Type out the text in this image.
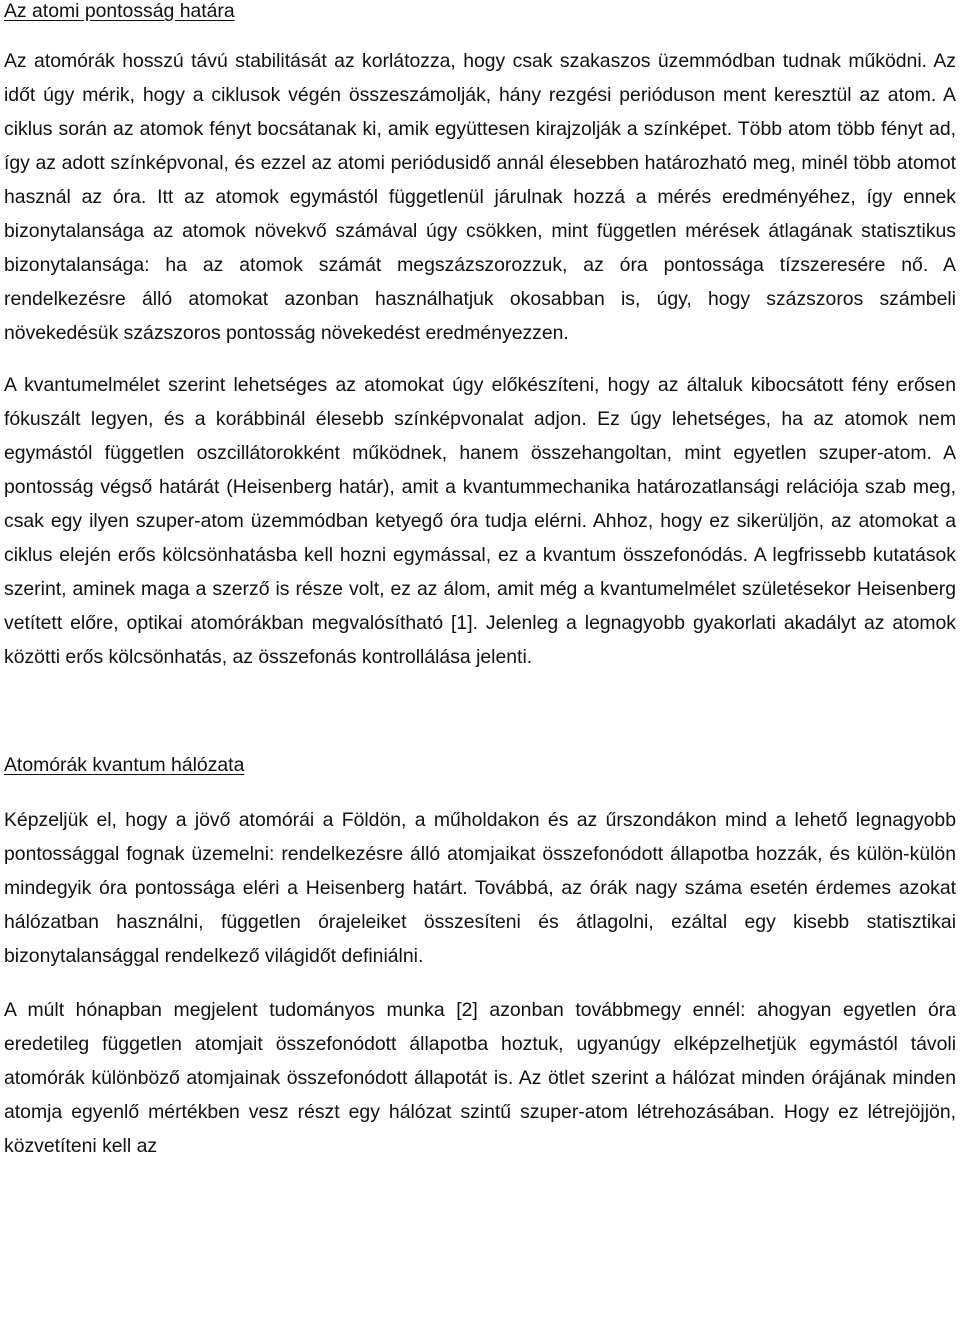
Az atomi pontosság határa

Az atomórák hosszú távú stabilitását az korlátozza, hogy csak szakaszos üzemmódban tudnak működni. Az időt úgy mérik, hogy a ciklusok végén összeszámolják, hány rezgési perióduson ment keresztül az atom. A ciklus során az atomok fényt bocsátanak ki, amik együttesen kirajzolják a színképet. Több atom több fényt ad, így az adott színképvonal, és ezzel az atomi periódusidő annál élesebben határozható meg, minél több atomot használ az óra. Itt az atomok egymástól függetlenül járulnak hozzá a mérés eredményéhez, így ennek bizonytalansága az atomok növekvő számával úgy csökken, mint független mérések átlagának statisztikus bizonytalansága: ha az atomok számát megszázszorozzuk, az óra pontossága tízszeresére nő. A rendelkezésre álló atomokat azonban használhatjuk okosabban is, úgy, hogy százszoros számbeli növekedésük százszoros pontosság növekedést eredményezzen.

A kvantumelmélet szerint lehetséges az atomokat úgy előkészíteni, hogy az általuk kibocsátott fény erősen fókuszált legyen, és a korábbinál élesebb színképvonalat adjon. Ez úgy lehetséges, ha az atomok nem egymástól független oszcillátorokként működnek, hanem összehangoltan, mint egyetlen szuper-atom. A pontosság végső határát (Heisenberg határ), amit a kvantummechanika határozatlansági relációja szab meg, csak egy ilyen szuper-atom üzemmódban ketyegő óra tudja elérni. Ahhoz, hogy ez sikerüljön, az atomokat a ciklus elején erős kölcsönhatásba kell hozni egymással, ez a kvantum összefonódás. A legfrissebb kutatások szerint, aminek maga a szerző is része volt, ez az álom, amit még a kvantumelmélet születésekor Heisenberg vetített előre, optikai atomórákban megvalósítható [1]. Jelenleg a legnagyobb gyakorlati akadályt az atomok közötti erős kölcsönhatás, az összefonás kontrollálása jelenti.

Atomórák kvantum hálózata

Képzeljük el, hogy a jövő atomórái a Földön, a műholdakon és az űrszondákon mind a lehető legnagyobb pontossággal fognak üzemelni: rendelkezésre álló atomjaikat összefonódott állapotba hozzák, és külön-külön mindegyik óra pontossága eléri a Heisenberg határt. Továbbá, az órák nagy száma esetén érdemes azokat hálózatban használni, független órajeleiket összesíteni és átlagolni, ezáltal egy kisebb statisztikai bizonytalansággal rendelkező világidőt definiálni.

A múlt hónapban megjelent tudományos munka [2] azonban továbbmegy ennél: ahogyan egyetlen óra eredetileg független atomjait összefonódott állapotba hoztuk, ugyanúgy elképzelhetjük egymástól távoli atomórák különböző atomjainak összefonódott állapotát is. Az ötlet szerint a hálózat minden órájának minden atomja egyenlő mértékben vesz részt egy hálózat szintű szuper-atom létrehozásában. Hogy ez létrejöjjön, közvetíteni kell az
